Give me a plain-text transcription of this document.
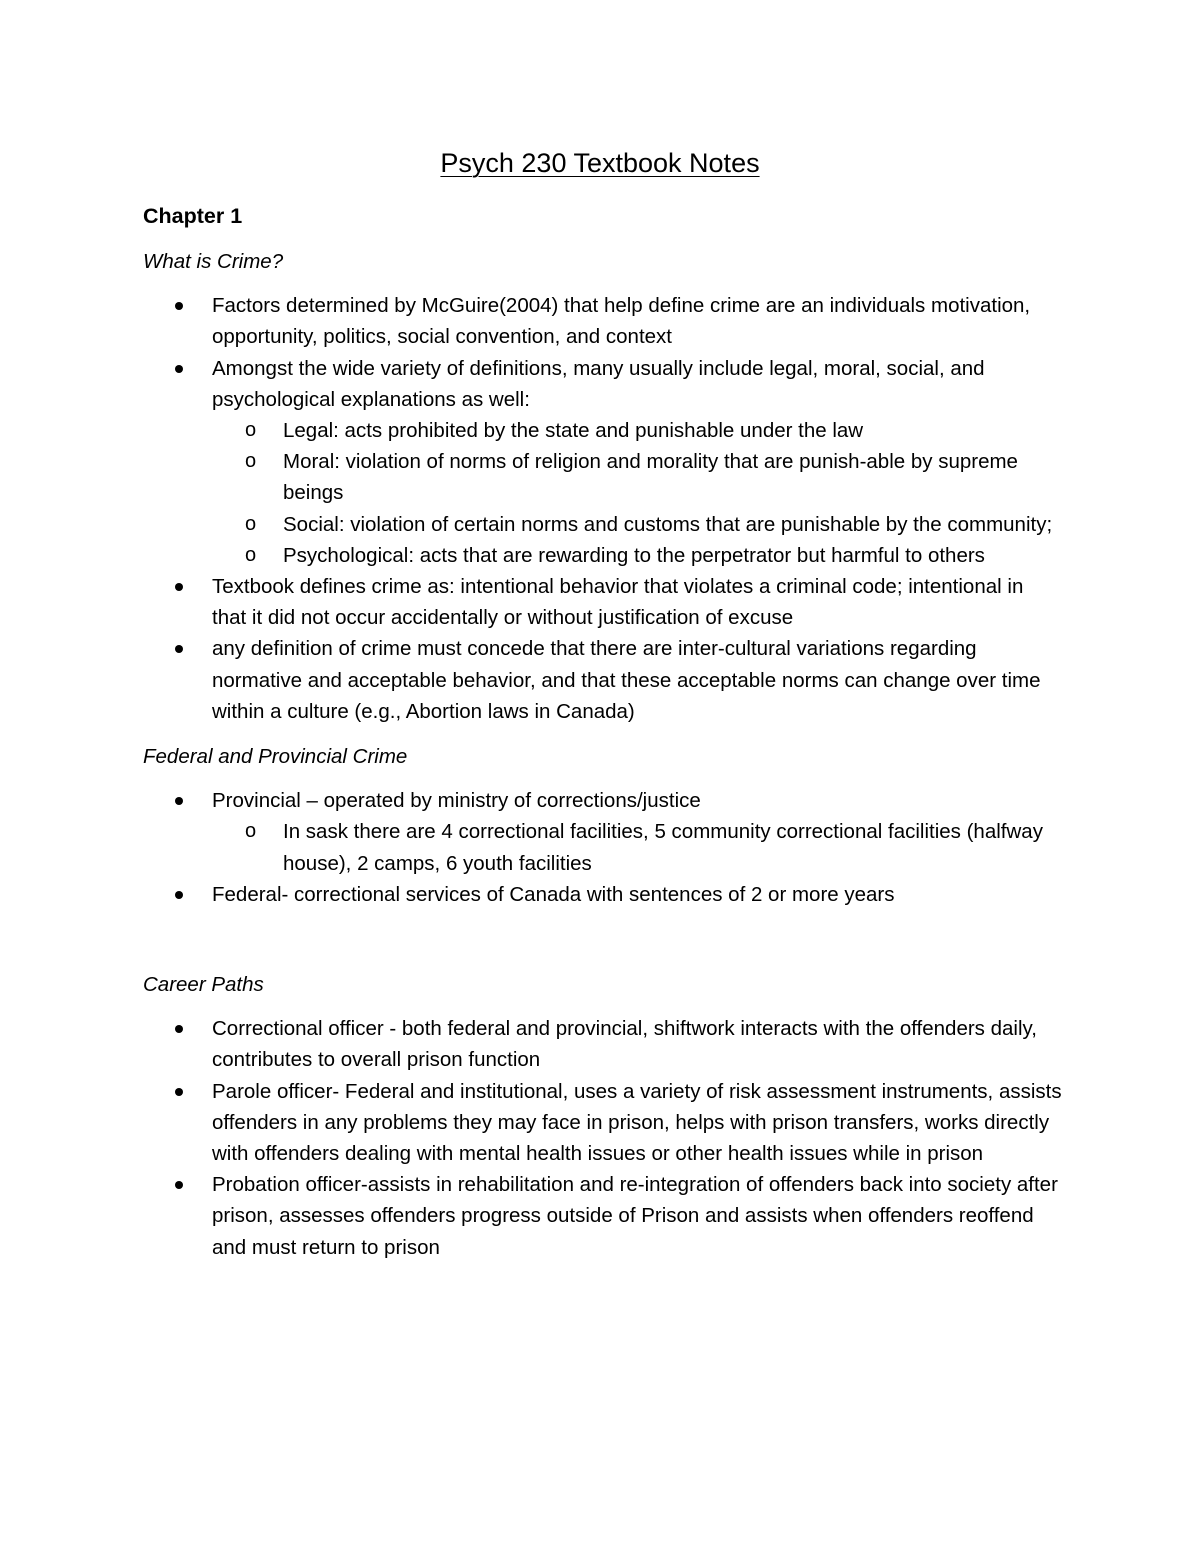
Psych 230 Textbook Notes
Chapter 1
What is Crime?
Factors determined by McGuire(2004) that help define crime are an individuals motivation, opportunity, politics, social convention, and context
Amongst the wide variety of definitions, many usually include legal, moral, social, and psychological explanations as well:
o Legal: acts prohibited by the state and punishable under the law
o Moral: violation of norms of religion and morality that are punish-able by supreme beings
o Social: violation of certain norms and customs that are punishable by the community;
o Psychological: acts that are rewarding to the perpetrator but harmful to others
Textbook defines crime as: intentional behavior that violates a criminal code; intentional in that it did not occur accidentally or without justification of excuse
any definition of crime must concede that there are inter-cultural variations regarding normative and acceptable behavior, and that these acceptable norms can change over time within a culture (e.g., Abortion laws in Canada)
Federal and Provincial Crime
Provincial – operated by ministry of corrections/justice
o In sask there are 4 correctional facilities, 5 community correctional facilities (halfway house), 2 camps, 6 youth facilities
Federal- correctional services of Canada with sentences of 2 or more years
Career Paths
Correctional officer - both federal and provincial, shiftwork interacts with the offenders daily, contributes to overall prison function
Parole officer- Federal and institutional, uses a variety of risk assessment instruments, assists offenders in any problems they may face in prison, helps with prison transfers, works directly with offenders dealing with mental health issues or other health issues while in prison
Probation officer-assists in rehabilitation and re-integration of offenders back into society after prison, assesses offenders progress outside of Prison and assists when offenders reoffend and must return to prison
